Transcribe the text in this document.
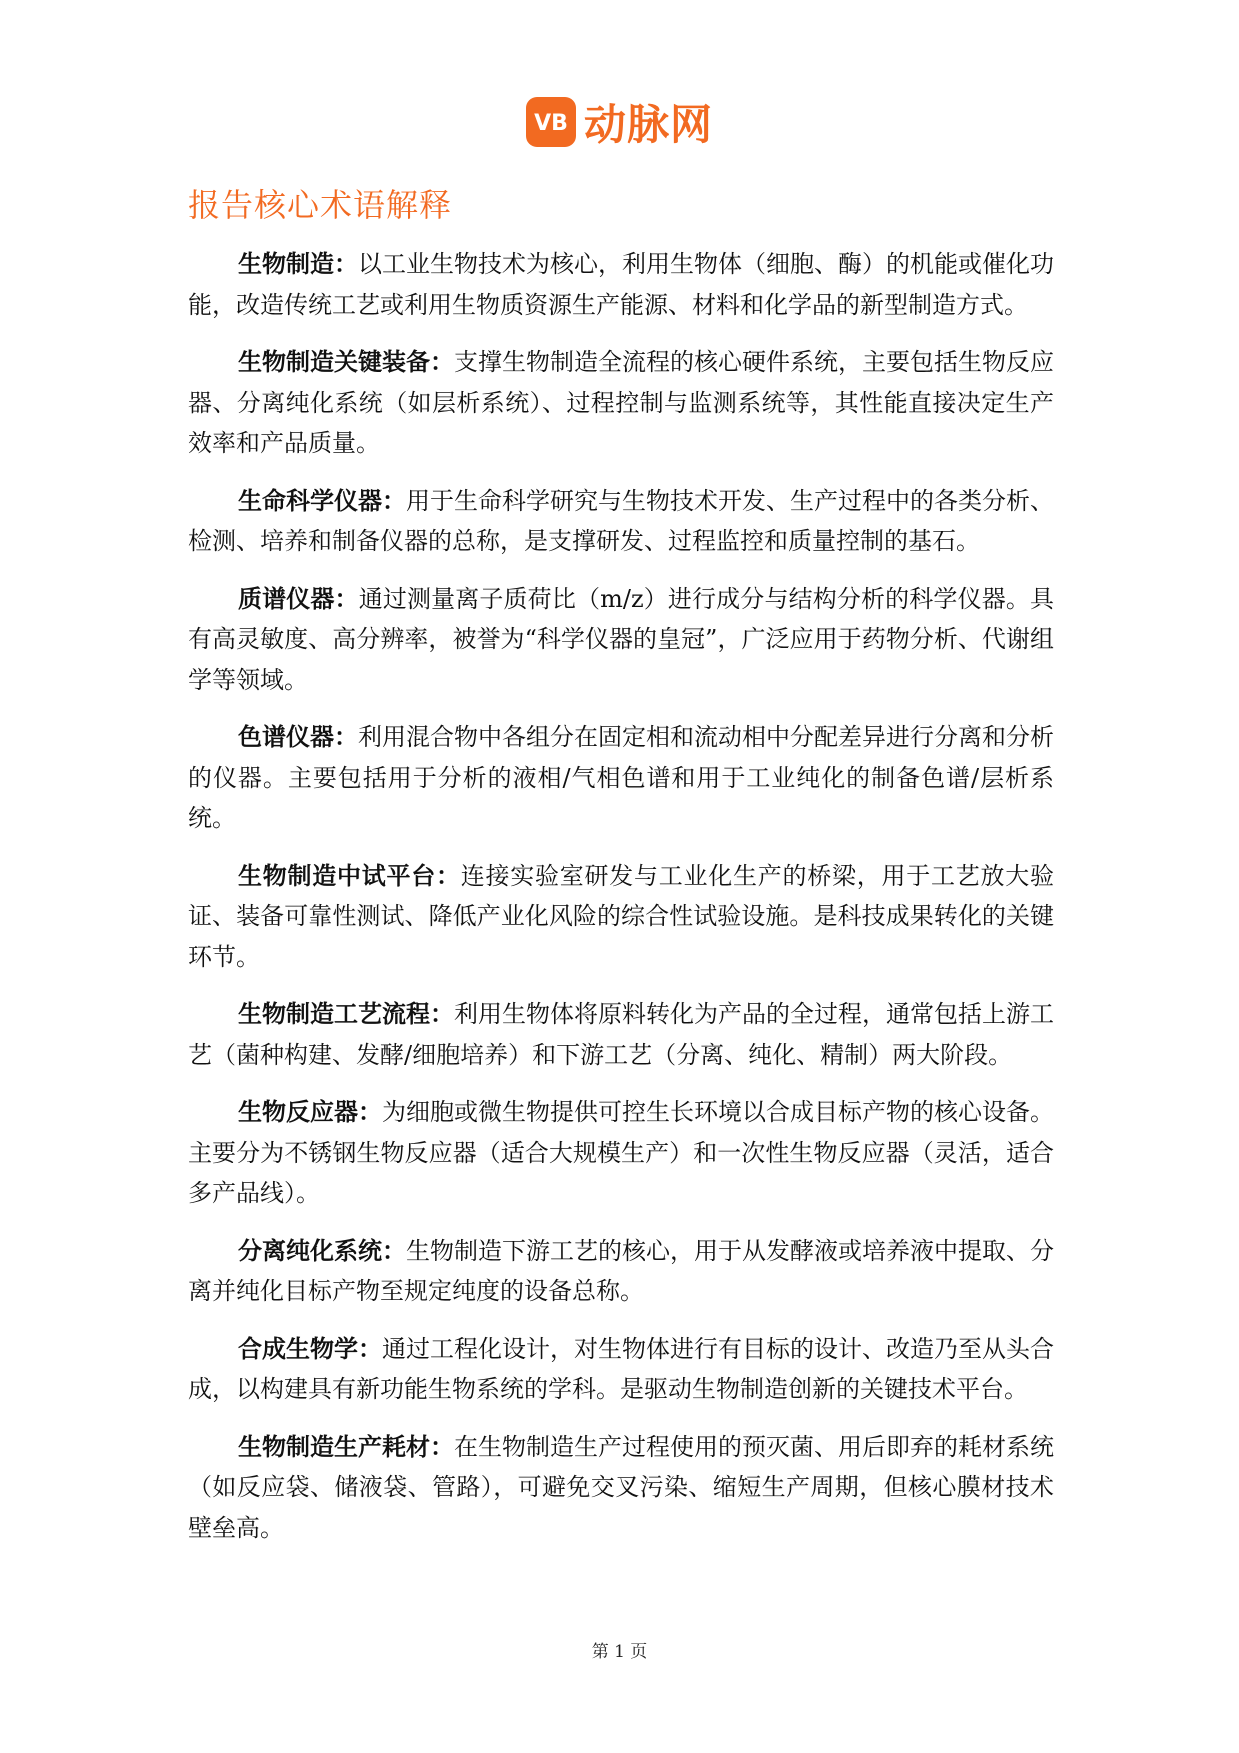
VB 动脉网
报告核心术语解释

生物制造：以工业生物技术为核心，利用生物体（细胞、酶）的机能或催化功能，改造传统工艺或利用生物质资源生产能源、材料和化学品的新型制造方式。

生物制造关键装备：支撑生物制造全流程的核心硬件系统，主要包括生物反应器、分离纯化系统（如层析系统）、过程控制与监测系统等，其性能直接决定生产效率和产品质量。

生命科学仪器：用于生命科学研究与生物技术开发、生产过程中的各类分析、检测、培养和制备仪器的总称，是支撑研发、过程监控和质量控制的基石。

质谱仪器：通过测量离子质荷比（m/z）进行成分与结构分析的科学仪器。具有高灵敏度、高分辨率，被誉为“科学仪器的皇冠”，广泛应用于药物分析、代谢组学等领域。

色谱仪器：利用混合物中各组分在固定相和流动相中分配差异进行分离和分析的仪器。主要包括用于分析的液相/气相色谱和用于工业纯化的制备色谱/层析系统。

生物制造中试平台：连接实验室研发与工业化生产的桥梁，用于工艺放大验证、装备可靠性测试、降低产业化风险的综合性试验设施。是科技成果转化的关键环节。

生物制造工艺流程：利用生物体将原料转化为产品的全过程，通常包括上游工艺（菌种构建、发酵/细胞培养）和下游工艺（分离、纯化、精制）两大阶段。

生物反应器：为细胞或微生物提供可控生长环境以合成目标产物的核心设备。主要分为不锈钢生物反应器（适合大规模生产）和一次性生物反应器（灵活，适合多产品线）。

分离纯化系统：生物制造下游工艺的核心，用于从发酵液或培养液中提取、分离并纯化目标产物至规定纯度的设备总称。

合成生物学：通过工程化设计，对生物体进行有目标的设计、改造乃至从头合成，以构建具有新功能生物系统的学科。是驱动生物制造创新的关键技术平台。

生物制造生产耗材：在生物制造生产过程使用的预灭菌、用后即弃的耗材系统（如反应袋、储液袋、管路），可避免交叉污染、缩短生产周期，但核心膜材技术壁垒高。

第 1 页
